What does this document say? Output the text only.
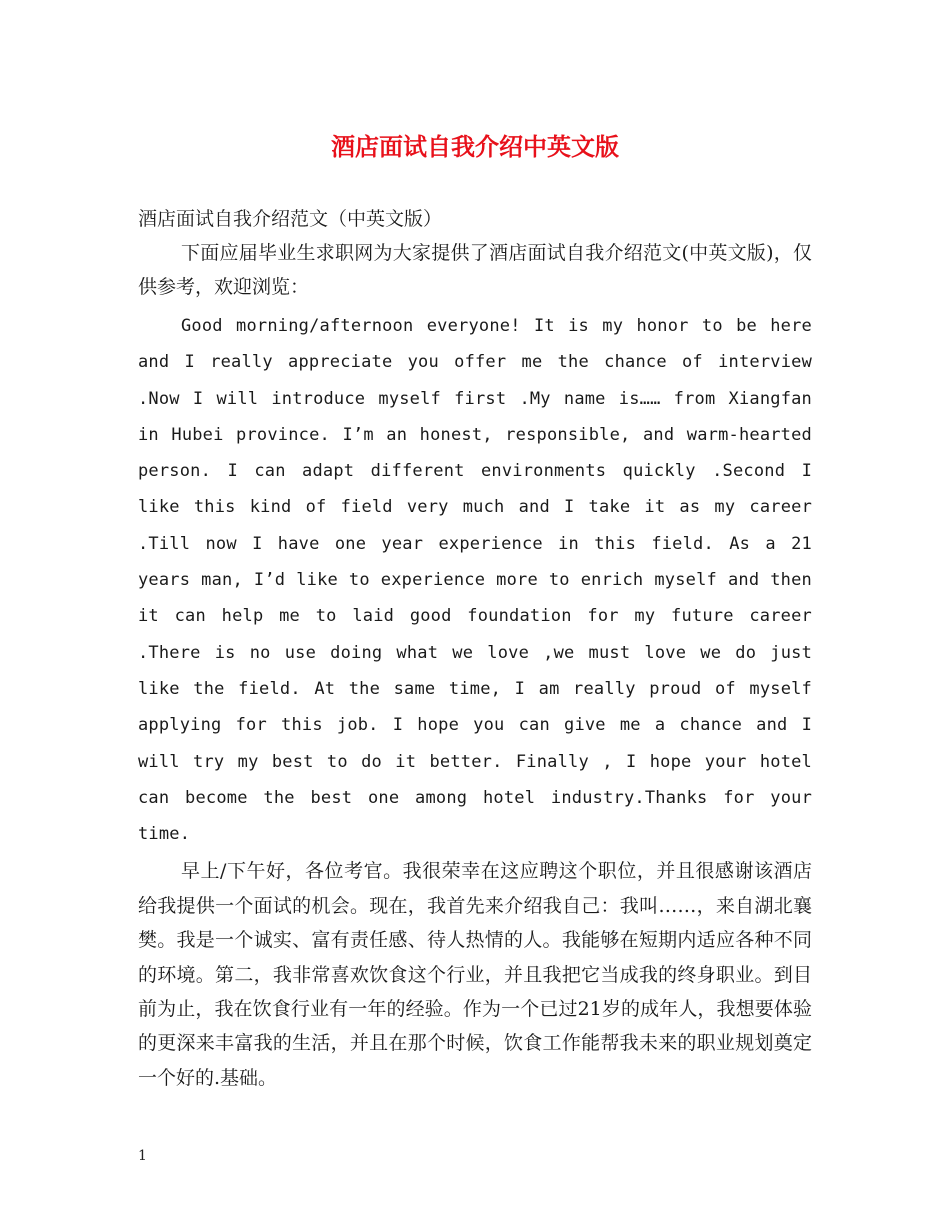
酒店面试自我介绍中英文版

酒店面试自我介绍范文（中英文版）

下面应届毕业生求职网为大家提供了酒店面试自我介绍范文(中英文版)，仅供参考，欢迎浏览：

Good morning/afternoon everyone! It is my honor to be here and I really appreciate you offer me the chance of interview .Now I will introduce myself first .My name is…… from Xiangfan in Hubei province. I’m an honest, responsible, and warm-hearted person. I can adapt different environments quickly .Second I like this kind of field very much and I take it as my career .Till now I have one year experience in this field. As a 21 years man, I’d like to experience more to enrich myself and then it can help me to laid good foundation for my future career .There is no use doing what we love ,we must love we do just like the field. At the same time, I am really proud of myself applying for this job. I hope you can give me a chance and I will try my best to do it better. Finally , I hope your hotel can become the best one among hotel industry.Thanks for your time.

早上/下午好，各位考官。我很荣幸在这应聘这个职位，并且很感谢该酒店给我提供一个面试的机会。现在，我首先来介绍我自己：我叫……，来自湖北襄樊。我是一个诚实、富有责任感、待人热情的人。我能够在短期内适应各种不同的环境。第二，我非常喜欢饮食这个行业，并且我把它当成我的终身职业。到目前为止，我在饮食行业有一年的经验。作为一个已过21岁的成年人，我想要体验的更深来丰富我的生活，并且在那个时候，饮食工作能帮我未来的职业规划奠定一个好的.基础。

1
